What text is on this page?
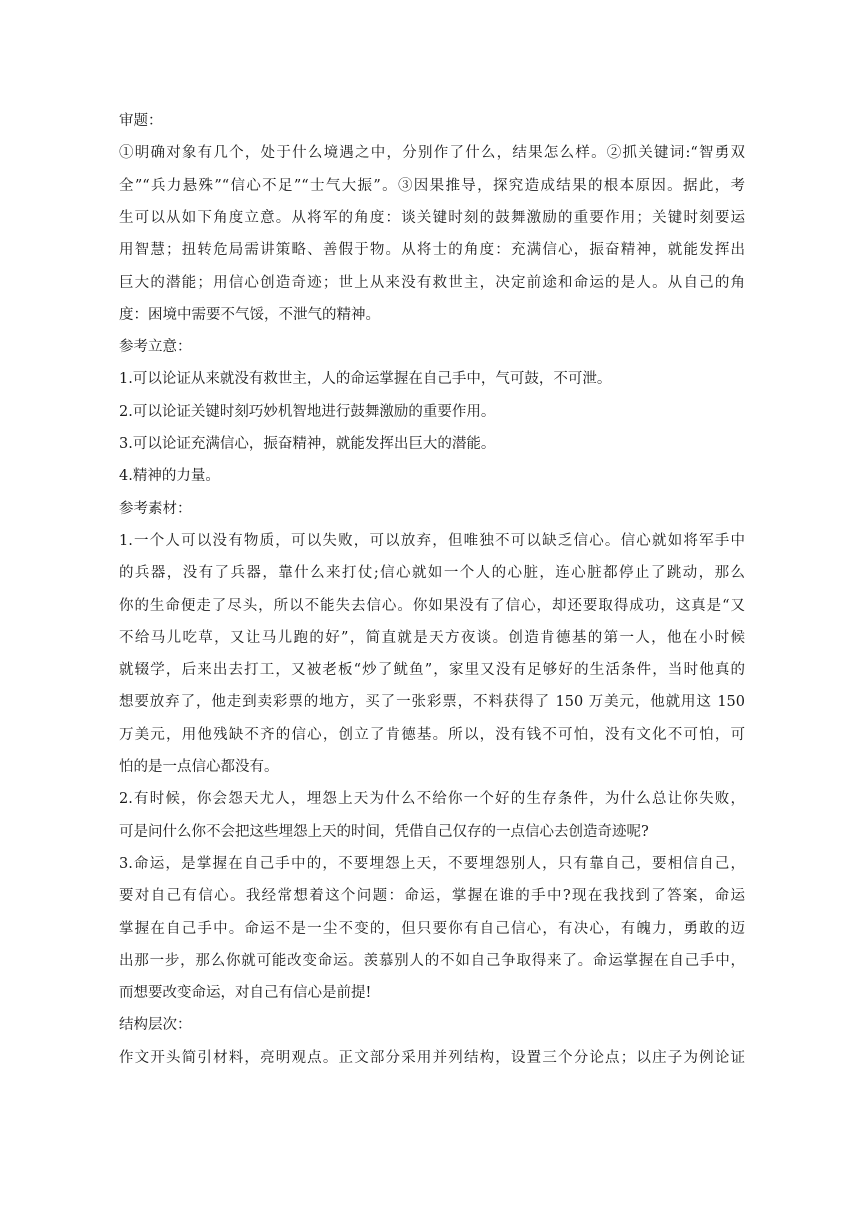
审题：
①明确对象有几个，处于什么境遇之中，分别作了什么，结果怎么样。②抓关键词:“智勇双
全”“兵力悬殊”“信心不足”“士气大振”。③因果推导，探究造成结果的根本原因。据此，考
生可以从如下角度立意。从将军的角度：谈关键时刻的鼓舞激励的重要作用；关键时刻要运
用智慧；扭转危局需讲策略、善假于物。从将士的角度：充满信心，振奋精神，就能发挥出
巨大的潜能；用信心创造奇迹；世上从来没有救世主，决定前途和命运的是人。从自己的角
度：困境中需要不气馁，不泄气的精神。
参考立意：
1.可以论证从来就没有救世主，人的命运掌握在自己手中，气可鼓，不可泄。
2.可以论证关键时刻巧妙机智地进行鼓舞激励的重要作用。
3.可以论证充满信心，振奋精神，就能发挥出巨大的潜能。
4.精神的力量。
参考素材：
1.一个人可以没有物质，可以失败，可以放弃，但唯独不可以缺乏信心。信心就如将军手中
的兵器，没有了兵器，靠什么来打仗;信心就如一个人的心脏，连心脏都停止了跳动，那么
你的生命便走了尽头，所以不能失去信心。你如果没有了信心，却还要取得成功，这真是“又
不给马儿吃草，又让马儿跑的好”，简直就是天方夜谈。创造肯德基的第一人，他在小时候
就辍学，后来出去打工，又被老板“炒了鱿鱼”，家里又没有足够好的生活条件，当时他真的
想要放弃了，他走到卖彩票的地方，买了一张彩票，不料获得了 150 万美元，他就用这 150
万美元，用他残缺不齐的信心，创立了肯德基。所以，没有钱不可怕，没有文化不可怕，可
怕的是一点信心都没有。
2.有时候，你会怨天尤人，埋怨上天为什么不给你一个好的生存条件，为什么总让你失败，
可是问什么你不会把这些埋怨上天的时间，凭借自己仅存的一点信心去创造奇迹呢?
3.命运，是掌握在自己手中的，不要埋怨上天，不要埋怨别人，只有靠自己，要相信自己，
要对自己有信心。我经常想着这个问题：命运，掌握在谁的手中?现在我找到了答案，命运
掌握在自己手中。命运不是一尘不变的，但只要你有自己信心，有决心，有魄力，勇敢的迈
出那一步，那么你就可能改变命运。羡慕别人的不如自己争取得来了。命运掌握在自己手中，
而想要改变命运，对自己有信心是前提!
结构层次：
作文开头简引材料，亮明观点。正文部分采用并列结构，设置三个分论点；以庄子为例论证
